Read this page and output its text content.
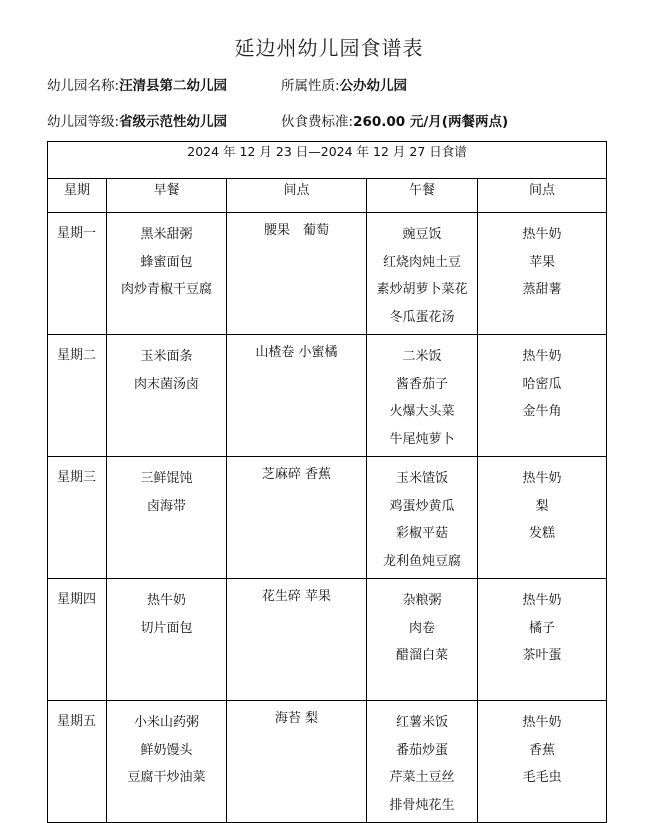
延边州幼儿园食谱表
幼儿园名称:汪清县第二幼儿园	所属性质:公办幼儿园
幼儿园等级:省级示范性幼儿园	伙食费标准:260.00 元/月(两餐两点)
2024 年 12 月 23 日—2024 年 12 月 27 日食谱				
星期	早餐	间点	午餐	间点
星期一	黑米甜粥
蜂蜜面包
肉炒青椒干豆腐	腰果　葡萄	豌豆饭
红烧肉炖土豆
素炒胡萝卜菜花
冬瓜蛋花汤	热牛奶
苹果
蒸甜薯

星期二	玉米面条
肉末菌汤卤	山楂卷 小蜜橘	二米饭
酱香茄子
火爆大头菜
牛尾炖萝卜	热牛奶
哈密瓜
金牛角

星期三	三鲜馄饨
卤海带	芝麻碎 香蕉	玉米馇饭
鸡蛋炒黄瓜
彩椒平菇
龙利鱼炖豆腐	热牛奶
梨
发糕

星期四	热牛奶
切片面包	花生碎 苹果	杂粮粥
肉卷
醋溜白菜	热牛奶
橘子
茶叶蛋

星期五	小米山药粥
鲜奶馒头
豆腐干炒油菜	海苔 梨	红薯米饭
番茄炒蛋
芹菜土豆丝
排骨炖花生	热牛奶
香蕉
毛毛虫
